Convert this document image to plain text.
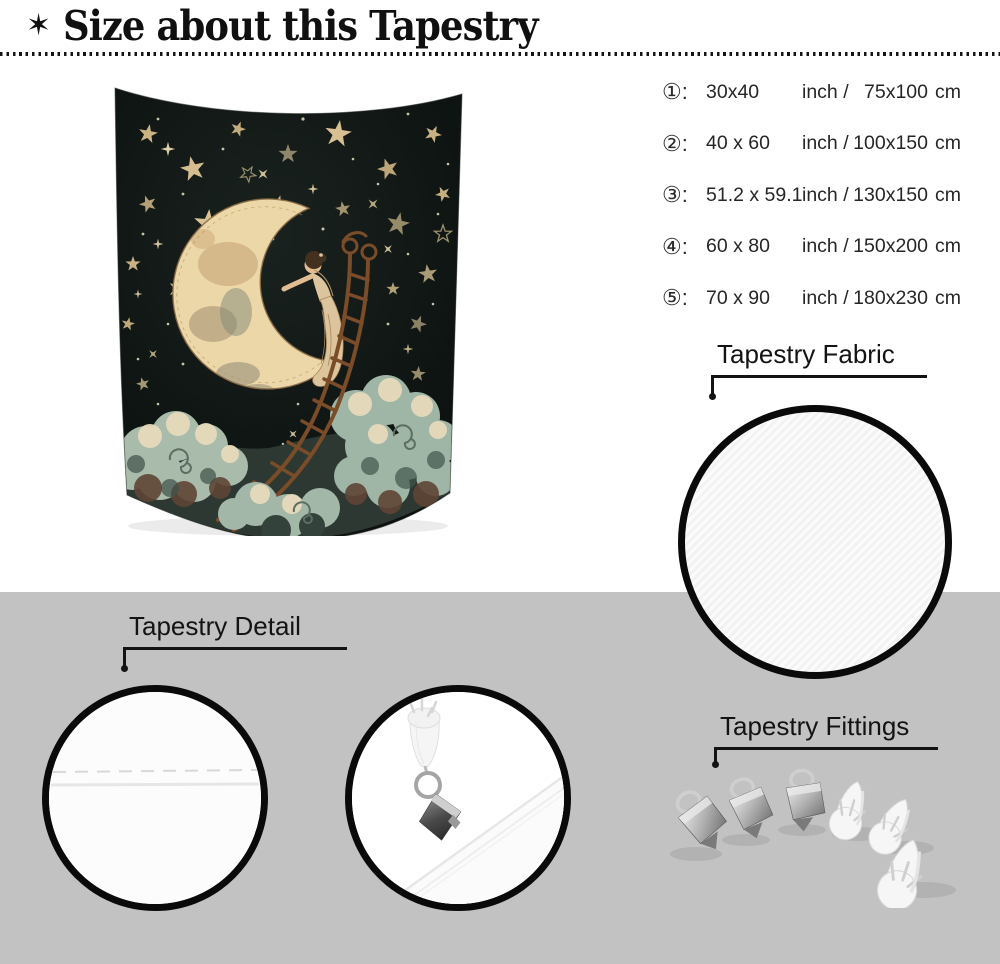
✶ Size about this Tapestry
①: 30x40	inch / 75x100 cm
②: 40 x 60	inch / 100x150 cm
③: 51.2 x 59.1 inch / 130x150 cm
④: 60 x 80	inch / 150x200 cm
⑤: 70 x 90	inch / 180x230 cm
Tapestry Fabric
Tapestry Detail
Tapestry Fittings
